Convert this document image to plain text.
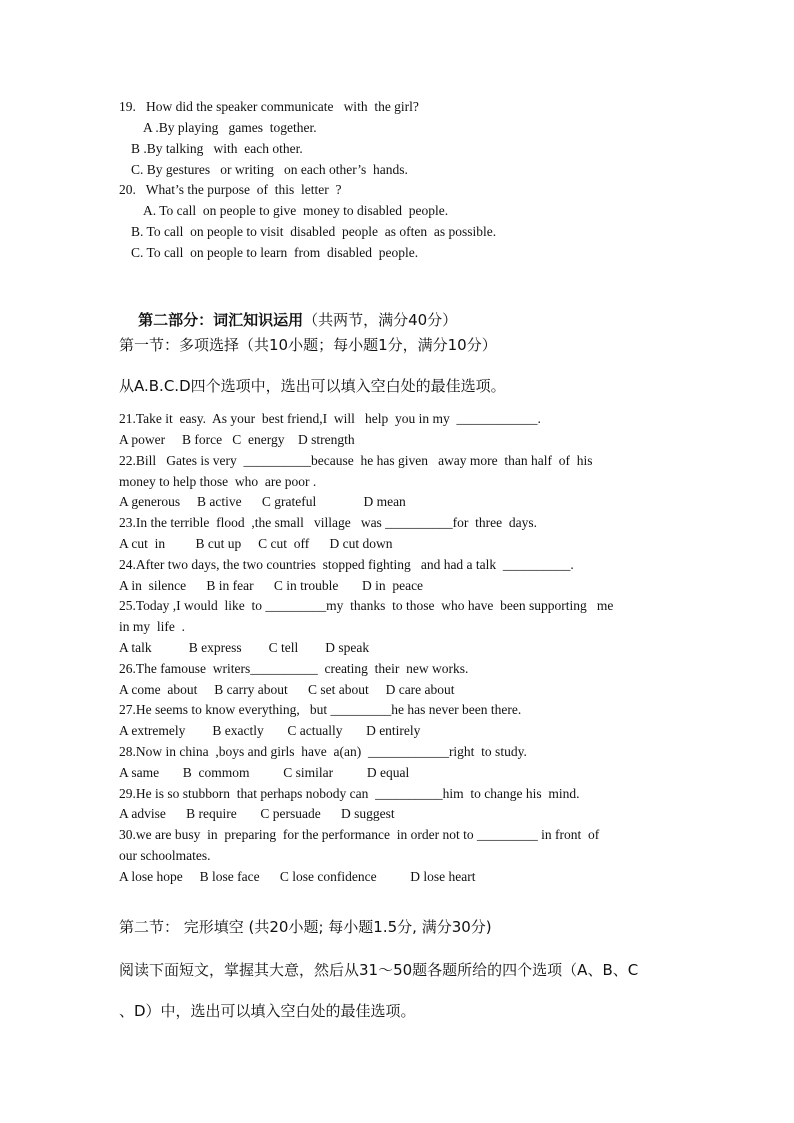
19.   How did the speaker communicate   with  the girl?
A .By playing   games  together.
B .By talking   with  each other.
C. By gestures   or writing   on each other’s  hands.
20.   What’s the purpose  of  this  letter  ?
A. To call  on people to give  money to disabled  people.
B. To call  on people to visit  disabled  people  as often  as possible.
C. To call  on people to learn  from  disabled  people.

第二部分：词汇知识运用（共两节，满分40分）

第一节：多项选择（共10小题；每小题1分，满分10分）
从A.B.C.D四个选项中，选出可以填入空白处的最佳选项。
21.Take it  easy.  As your  best friend,I  will   help  you in my  ____________.
A power     B force   C  energy    D strength
22.Bill   Gates is very  __________because  he has given   away more  than half  of  his
money to help those  who  are poor .
A generous     B active      C grateful              D mean
23.In the terrible  flood  ,the small   village   was __________for  three  days.
A cut  in         B cut up     C cut  off      D cut down
24.After two days, the two countries  stopped fighting   and had a talk  __________.
A in  silence      B in fear      C in trouble       D in  peace
25.Today ,I would  like  to _________my  thanks  to those  who have  been supporting   me
in my  life  .
A talk           B express        C tell        D speak
26.The famouse  writers__________  creating  their  new works.
A come  about     B carry about      C set about     D care about
27.He seems to know everything,   but _________he has never been there.
A extremely        B exactly       C actually       D entirely
28.Now in china  ,boys and girls  have  a(an)  ____________right  to study.
A same       B  commom          C similar          D equal
29.He is so stubborn  that perhaps nobody can  __________him  to change his  mind.
A advise      B require       C persuade      D suggest
30.we are busy  in  preparing  for the performance  in order not to _________ in front  of
our schoolmates.
A lose hope     B lose face      C lose confidence          D lose heart
第二节： 完形填空 (共20小题; 每小题1.5分, 满分30分)
阅读下面短文，掌握其大意，然后从31～50题各题所给的四个选项（A、B、C
、D）中，选出可以填入空白处的最佳选项。
